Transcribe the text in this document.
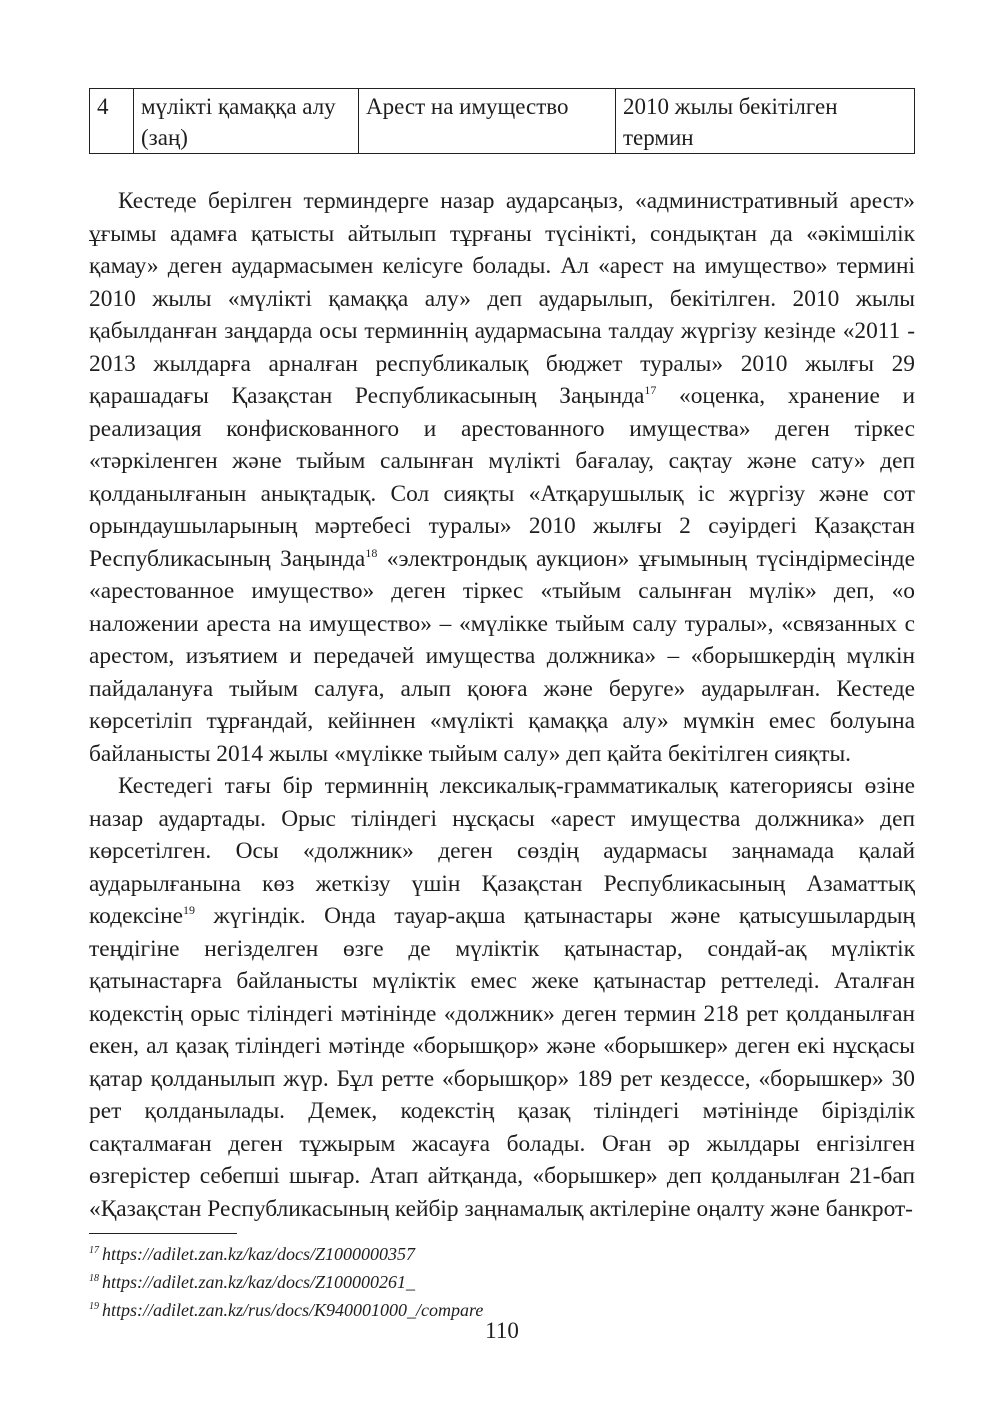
4	мүлікті қамаққа алу (заң)	Арест на имущество	2010 жылы бекітілген термин

Кестеде берілген терминдерге назар аударсаңыз, «административный арест» ұғымы адамға қатысты айтылып тұрғаны түсінікті, сондықтан да «әкімшілік қамау» деген аудармасымен келісуге болады. Ал «арест на имущество» термині 2010 жылы «мүлікті қамаққа алу» деп аударылып, бекітілген. 2010 жылы қабылданған заңдарда осы терминнің аудармасына талдау жүргізу кезінде «2011 - 2013 жылдарға арналған республикалық бюджет туралы» 2010 жылғы 29 қарашадағы Қазақстан Республикасының Заңында$^{17}$ «оценка, хранение и реализация конфискованного и арестованного имущества» деген тіркес «тәркіленген және тыйым салынған мүлікті бағалау, сақтау және сату» деп қолданылғанын анықтадық. Сол сияқты «Атқарушылық іс жүргізу және сот орындаушыларының мәртебесі туралы» 2010 жылғы 2 сәуірдегі Қазақстан Республикасының Заңында$^{18}$ «электрондық аукцион» ұғымының түсіндірмесінде «арестованное имущество» деген тіркес «тыйым салынған мүлік» деп, «о наложении ареста на имущество» – «мүлікке тыйым салу туралы», «связанных с арестом, изъятием и передачей имущества должника» – «борышкердің мүлкін пайдалануға тыйым салуға, алып қоюға және беруге» аударылған. Кестеде көрсетіліп тұрғандай, кейіннен «мүлікті қамаққа алу» мүмкін емес болуына байланысты 2014 жылы «мүлікке тыйым салу» деп қайта бекітілген сияқты.

Кестедегі тағы бір терминнің лексикалық-грамматикалық категориясы өзіне назар аудартады. Орыс тіліндегі нұсқасы «арест имущества должника» деп көрсетілген. Осы «должник» деген сөздің аудармасы заңнамада қалай аударылғанына көз жеткізу үшін Қазақстан Республикасының Азаматтық кодексіне$^{19}$ жүгіндік. Онда тауар-ақша қатынастары және қатысушылардың теңдігіне негізделген өзге де мүліктік қатынастар, сондай-ақ мүліктік қатынастарға байланысты мүліктік емес жеке қатынастар реттеледі. Аталған кодекстің орыс тіліндегі мәтінінде «должник» деген термин 218 рет қолданылған екен, ал қазақ тіліндегі мәтінде «борышқор» және «борышкер» деген екі нұсқасы қатар қолданылып жүр. Бұл ретте «борышқор» 189 рет кездессе, «борышкер» 30 рет қолданылады. Демек, кодекстің қазақ тіліндегі мәтінінде біріздiлік сақталмаған деген тұжырым жасауға болады. Оған әр жылдары енгізілген өзгерістер себепші шығар. Атап айтқанда, «борышкер» деп қолданылған 21-бап «Қазақстан Республикасының кейбір заңнамалық актілеріне оңалту және банкрот-

$^{17}$ https://adilet.zan.kz/kaz/docs/Z1000000357
$^{18}$ https://adilet.zan.kz/kaz/docs/Z100000261_
$^{19}$ https://adilet.zan.kz/rus/docs/K940001000_/compare
110
